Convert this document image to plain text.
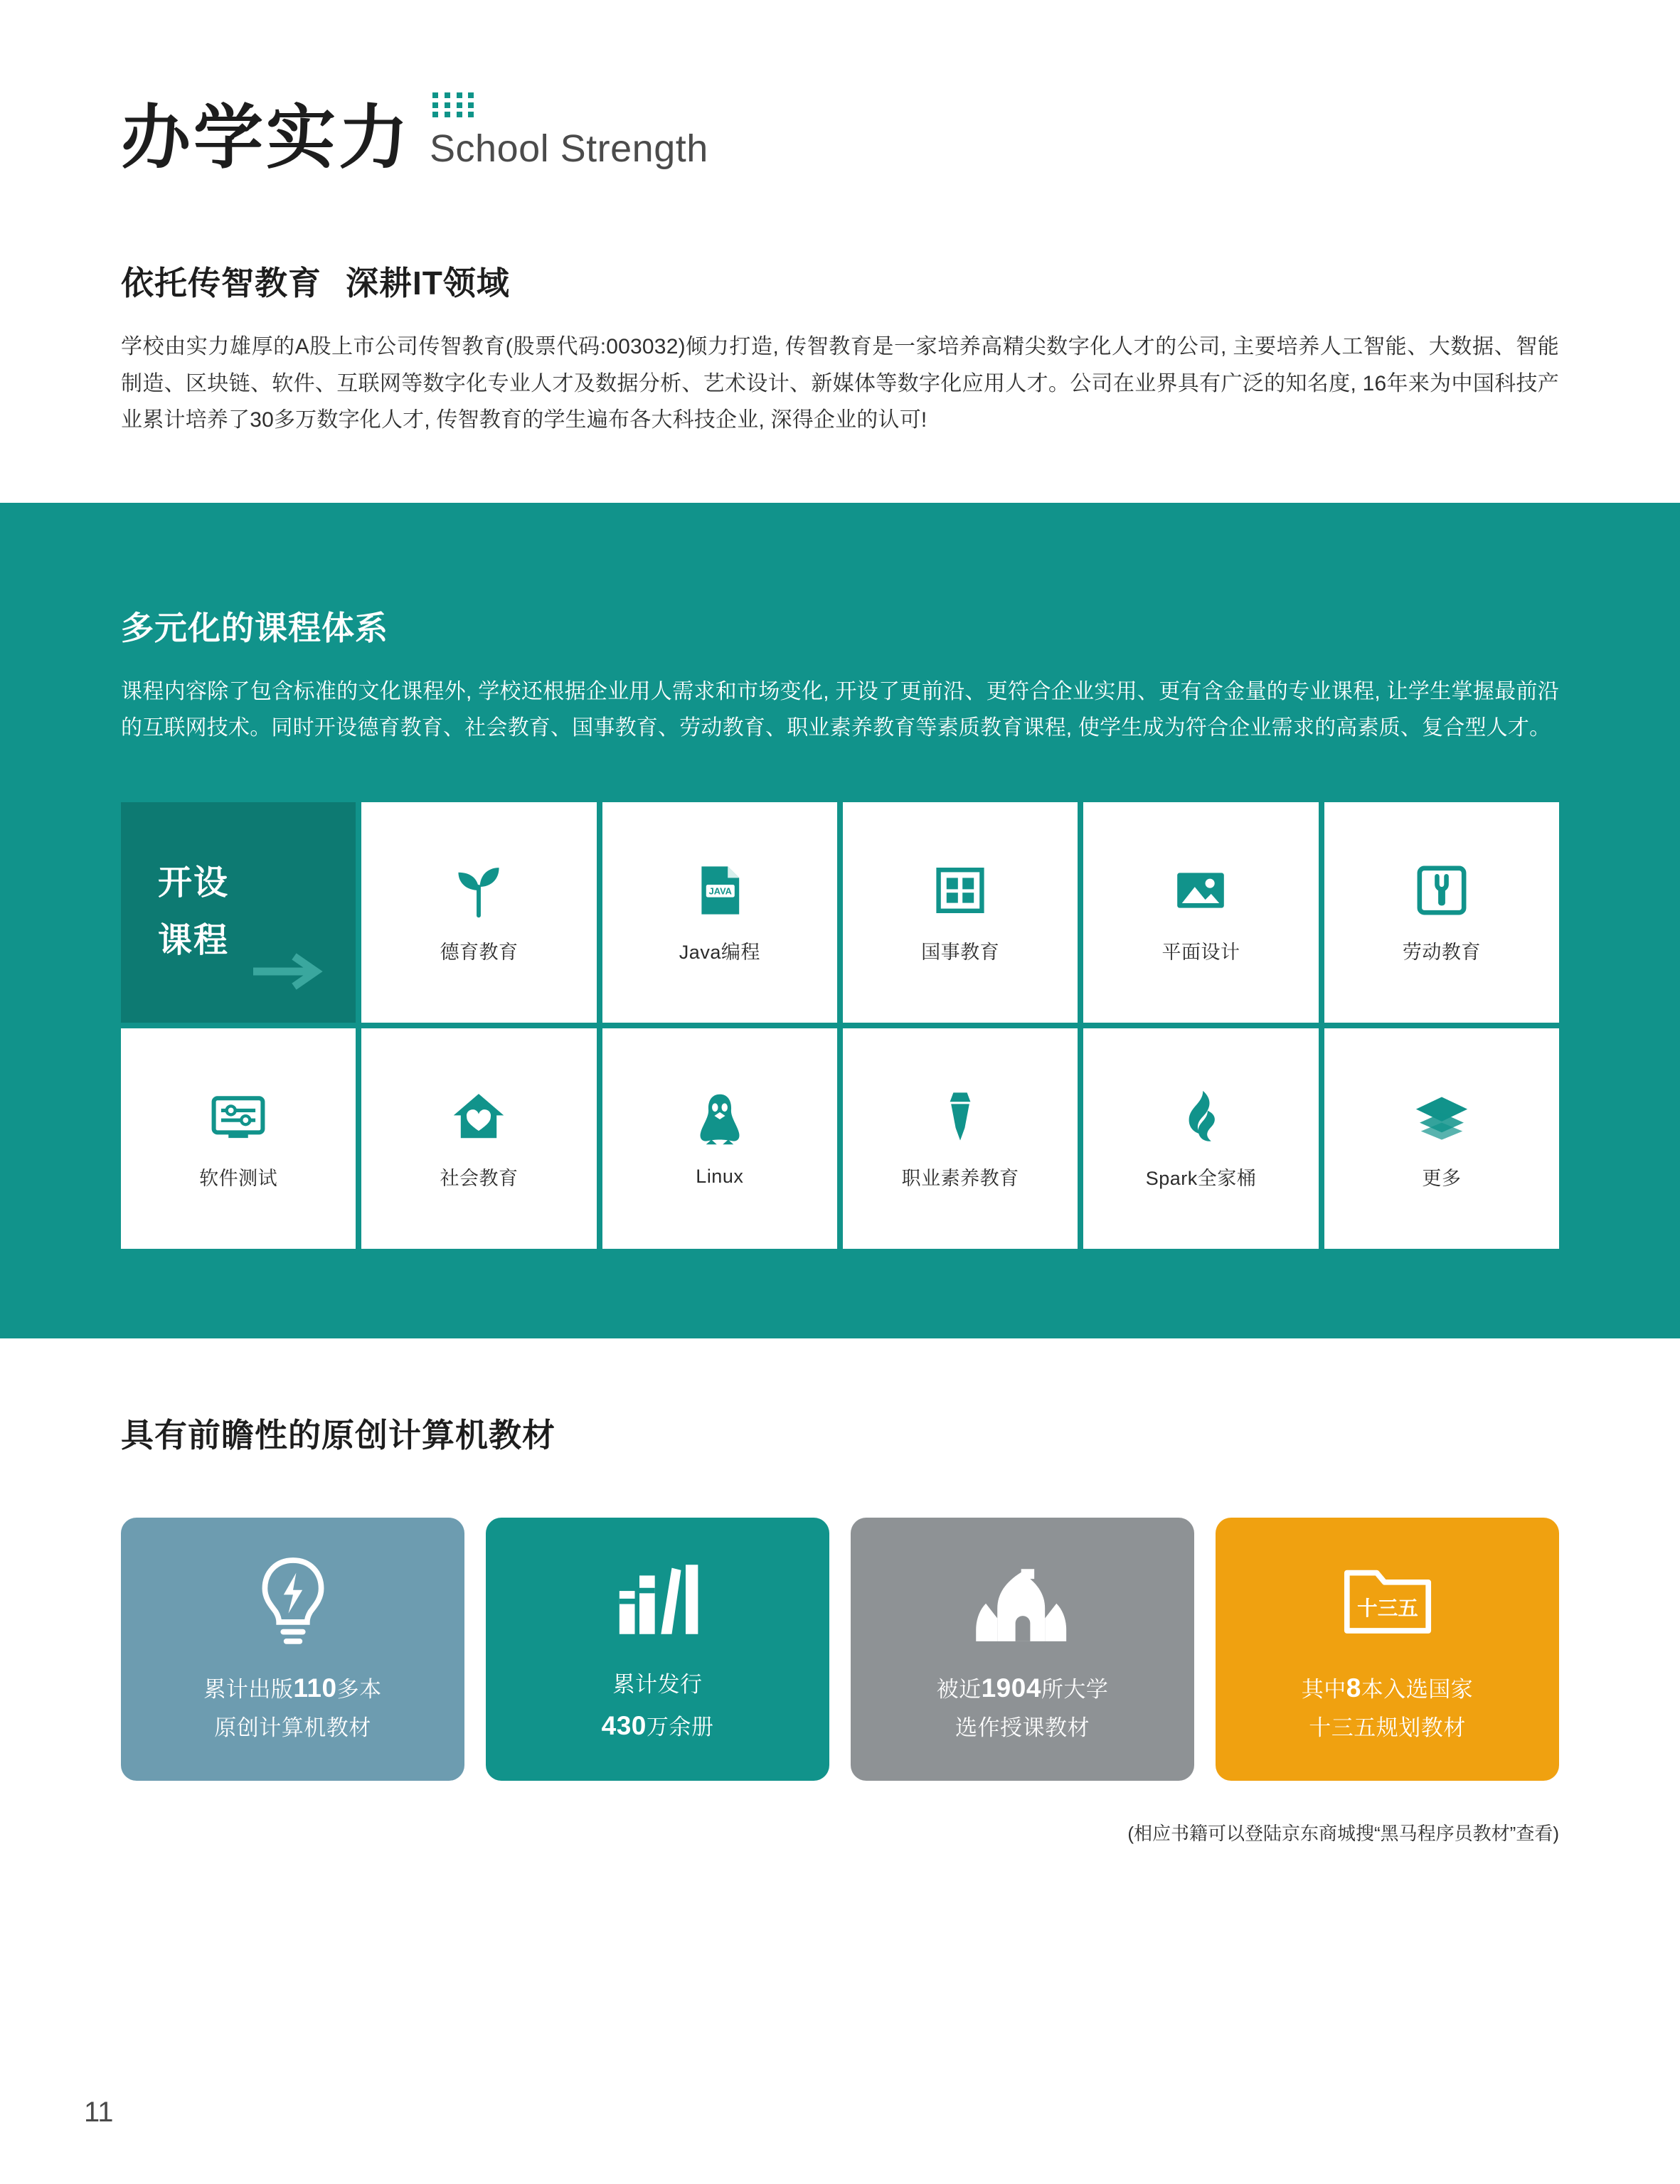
办学实力 School Strength
依托传智教育 深耕IT领域

学校由实力雄厚的A股上市公司传智教育(股票代码:003032)倾力打造, 传智教育是一家培养高精尖数字化人才的公司, 主要培养人工智能、大数据、智能制造、区块链、软件、互联网等数字化专业人才及数据分析、艺术设计、新媒体等数字化应用人才。公司在业界具有广泛的知名度, 16年来为中国科技产业累计培养了30多万数字化人才, 传智教育的学生遍布各大科技企业, 深得企业的认可!

多元化的课程体系

课程内容除了包含标准的文化课程外, 学校还根据企业用人需求和市场变化, 开设了更前沿、更符合企业实用、更有含金量的专业课程, 让学生掌握最前沿的互联网技术。同时开设德育教育、社会教育、国事教育、劳动教育、职业素养教育等素质教育课程, 使学生成为符合企业需求的高素质、复合型人才。

开设
课程	德育教育
JAVA
Java编程	国事教育	平面设计	劳动教育
软件测试	社会教育	Linux	职业素养教育	Spark全家桶	更多
具有前瞻性的原创计算机教材
累计出版110多本
原创计算机教材
累计发行
430万余册
被近1904所大学
选作授课教材
十三五
其中8本入选国家
十三五规划教材
(相应书籍可以登陆京东商城搜“黑马程序员教材”查看)
11
